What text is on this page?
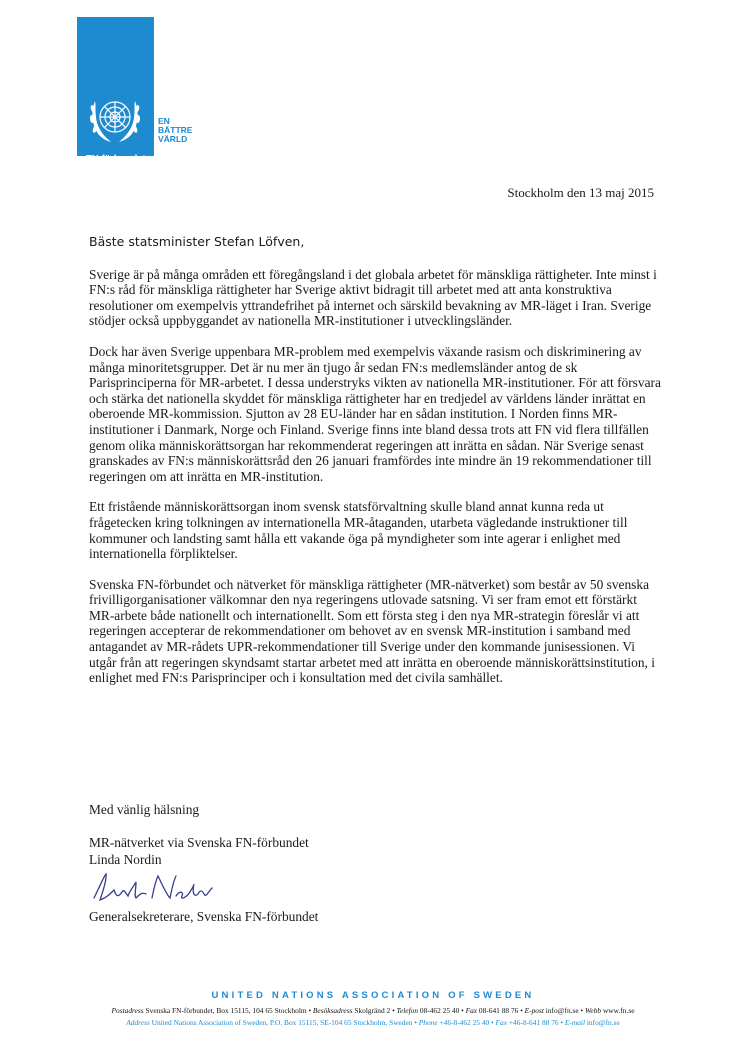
FN-förbundet
UNA SWEDEN
EN
BÄTTRE
VÄRLD
Stockholm den 13 maj 2015

Bäste statsminister Stefan Löfven,

Sverige är på många områden ett föregångsland i det globala arbetet för mänskliga rättigheter. Inte minst i FN:s råd för mänskliga rättigheter har Sverige aktivt bidragit till arbetet med att anta konstruktiva resolutioner om exempelvis yttrandefrihet på internet och särskild bevakning av MR-läget i Iran. Sverige stödjer också uppbyggandet av nationella MR-institutioner i utvecklingsländer.

Dock har även Sverige uppenbara MR-problem med exempelvis växande rasism och diskriminering av många minoritetsgrupper. Det är nu mer än tjugo år sedan FN:s medlemsländer antog de sk Parisprinciperna för MR-arbetet. I dessa understryks vikten av nationella MR-institutioner. För att försvara och stärka det nationella skyddet för mänskliga rättigheter har en tredjedel av världens länder inrättat en oberoende MR-kommission. Sjutton av 28 EU-länder har en sådan institution. I Norden finns MR-institutioner i Danmark, Norge och Finland. Sverige finns inte bland dessa trots att FN vid flera tillfällen genom olika människorättsorgan har rekommenderat regeringen att inrätta en sådan. När Sverige senast granskades av FN:s människorättsråd den 26 januari framfördes inte mindre än 19 rekommendationer till regeringen om att inrätta en MR-institution.

Ett fristående människorättsorgan inom svensk statsförvaltning skulle bland annat kunna reda ut frågetecken kring tolkningen av internationella MR-åtaganden, utarbeta vägledande instruktioner till kommuner och landsting samt hålla ett vakande öga på myndigheter som inte agerar i enlighet med internationella förpliktelser.

Svenska FN-förbundet och nätverket för mänskliga rättigheter (MR-nätverket) som består av 50 svenska frivilligorganisationer välkomnar den nya regeringens utlovade satsning. Vi ser fram emot ett förstärkt MR-arbete både nationellt och internationellt. Som ett första steg i den nya MR-strategin föreslår vi att regeringen accepterar de rekommendationer om behovet av en svensk MR-institution i samband med antagandet av MR-rådets UPR-rekommendationer till Sverige under den kommande junisessionen. Vi utgår från att regeringen skyndsamt startar arbetet med att inrätta en oberoende människorättsinstitution, i enlighet med FN:s Parisprinciper och i konsultation med det civila samhället.

Med vänlig hälsning
MR-nätverket via Svenska FN-förbundet
Linda Nordin
Generalsekreterare, Svenska FN-förbundet
UNITED NATIONS ASSOCIATION OF SWEDEN
Postadress Svenska FN-förbundet, Box 15115, 104 65 Stockholm • Besöksadress Skolgränd 2 • Telefon 08-462 25 40 • Fax 08-641 88 76 • E-post info@fn.se • Webb www.fn.se
Address United Nations Association of Sweden, P.O. Box 15115, SE-104 65 Stockholm, Sweden • Phone +46-8-462 25 40 • Fax +46-8-641 88 76 • E-mail info@fn.se
